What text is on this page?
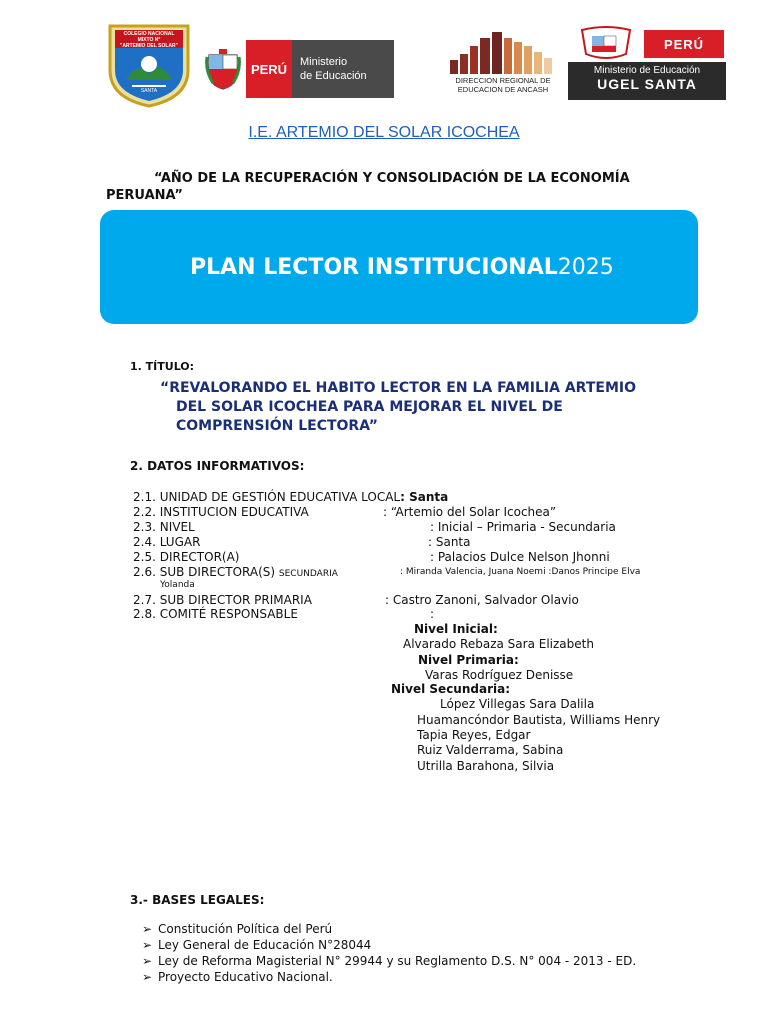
COLEGIO NACIONAL
MIXTO N°
"ARTEMIO DEL SOLAR"
SANTA
PERÚ	Ministerio
de Educación	DIRECCION REGIONAL DE
EDUCACION DE ANCASH
PERÚ
Ministerio de Educación
UGEL SANTA
I.E. ARTEMIO DEL SOLAR ICOCHEA
“AÑO DE LA RECUPERACIÓN Y CONSOLIDACIÓN DE LA ECONOMÍA
PERUANA”
PLAN LECTOR INSTITUCIONAL2025
1. TÍTULO:
“REVALORANDO EL HABITO LECTOR EN LA FAMILIA ARTEMIO
DEL SOLAR ICOCHEA PARA MEJORAR EL NIVEL DE
COMPRENSIÓN LECTORA”
2. DATOS INFORMATIVOS:
2.1. UNIDAD DE GESTIÓN EDUCATIVA LOCAL: Santa
2.2. INSTITUCION EDUCATIVA	: “Artemio del Solar Icochea”
2.3. NIVEL	: Inicial – Primaria - Secundaria
2.4. LUGAR	: Santa
2.5. DIRECTOR(A)	: Palacios Dulce Nelson Jhonni
2.6. SUB DIRECTORA(S) SECUNDARIA	: Miranda Valencia, Juana Noemi :Danos Principe Elva
Yolanda
2.7. SUB DIRECTOR PRIMARIA	: Castro Zanoni, Salvador Olavio
2.8. COMITÉ RESPONSABLE	:
Nivel Inicial:
Alvarado Rebaza Sara Elizabeth
Nivel Primaria:
Varas Rodríguez Denisse
Nivel Secundaria:
López Villegas Sara Dalila
Huamancóndor Bautista, Williams Henry
Tapia Reyes, Edgar
Ruiz Valderrama, Sabina
Utrilla Barahona, Silvia
3.- BASES LEGALES:
➢ Constitución Política del Perú
➢ Ley General de Educación N°28044
➢ Ley de Reforma Magisterial N° 29944 y su Reglamento D.S. N° 004 - 2013 - ED.
➢ Proyecto Educativo Nacional.
